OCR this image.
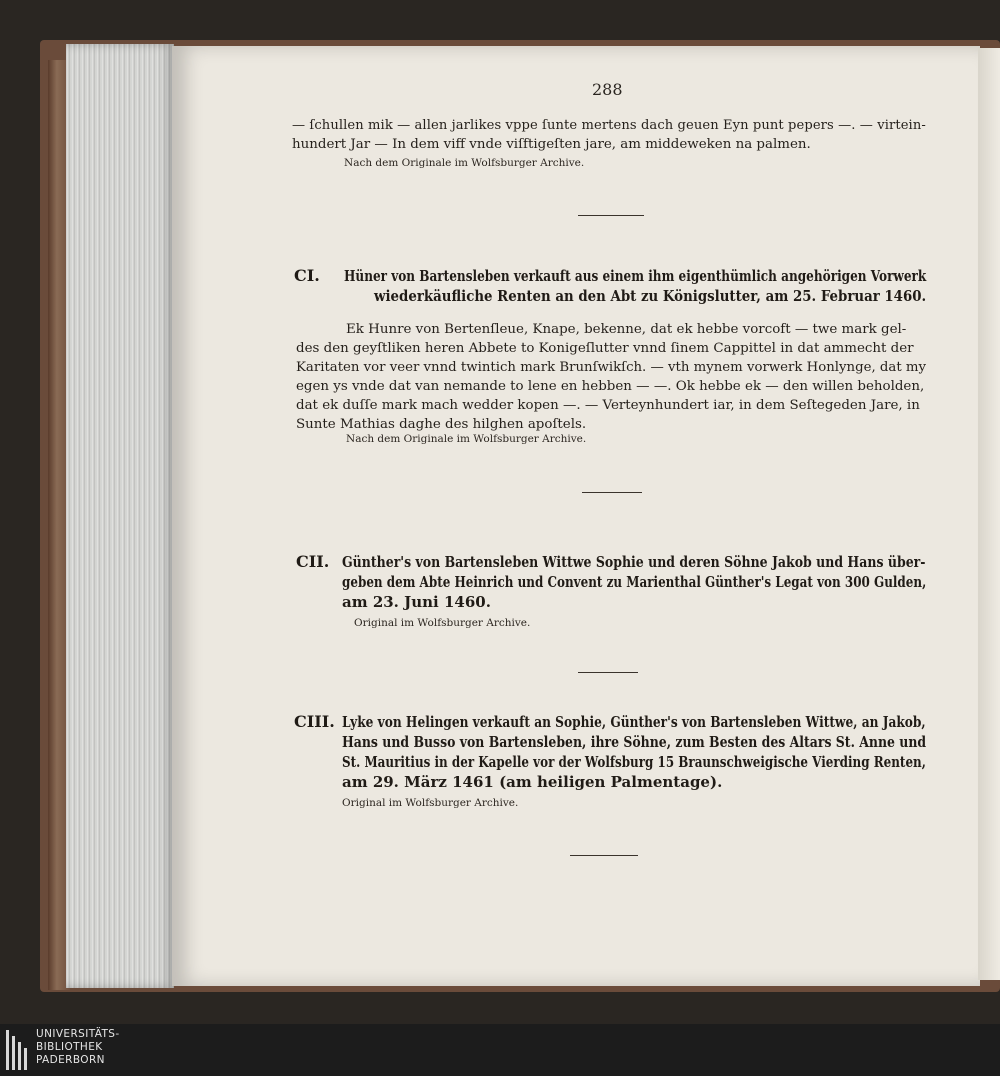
288
— ſchullen mik — allen jarlikes vppe ſunte mertens dach geuen Eyn punt pepers —. — virtein-
hundert Jar — In dem viff vnde viſftigeſten jare, am middeweken na palmen.
Nach dem Originale im Wolfsburger Archive.
CI. Hüner von Bartensleben verkauft aus einem ihm eigenthümlich angehörigen Vorwerk
wiederkäufliche Renten an den Abt zu Königslutter, am 25. Februar 1460.
Ek Hunre von Bertenſleue, Knape, bekenne, dat ek hebbe vorcoft — twe mark gel-
des den geyſtliken heren Abbete to Konigeſlutter vnnd ſinem Cappittel in dat ammecht der
Karitaten vor veer vnnd twintich mark Brunſwikſch. — vth mynem vorwerk Honlynge, dat my
egen ys vnde dat van nemande to lene en hebben — —. Ok hebbe ek — den willen beholden,
dat ek duſſe mark mach wedder kopen —. — Verteynhundert iar, in dem Seſtegeden Jare, in
Sunte Mathias daghe des hilghen apoſtels.
Nach dem Originale im Wolfsburger Archive.
CII. Günther's von Bartensleben Wittwe Sophie und deren Söhne Jakob und Hans über-
geben dem Abte Heinrich und Convent zu Marienthal Günther's Legat von 300 Gulden,
am 23. Juni 1460.
Original im Wolfsburger Archive.
CIII. Lyke von Helingen verkauft an Sophie, Günther's von Bartensleben Wittwe, an Jakob,
Hans und Busso von Bartensleben, ihre Söhne, zum Besten des Altars St. Anne und
St. Mauritius in der Kapelle vor der Wolfsburg 15 Braunschweigische Vierding Renten,
am 29. März 1461 (am heiligen Palmentage).
Original im Wolfsburger Archive.
UNIVERSITÄTS-
BIBLIOTHEK
PADERBORN
